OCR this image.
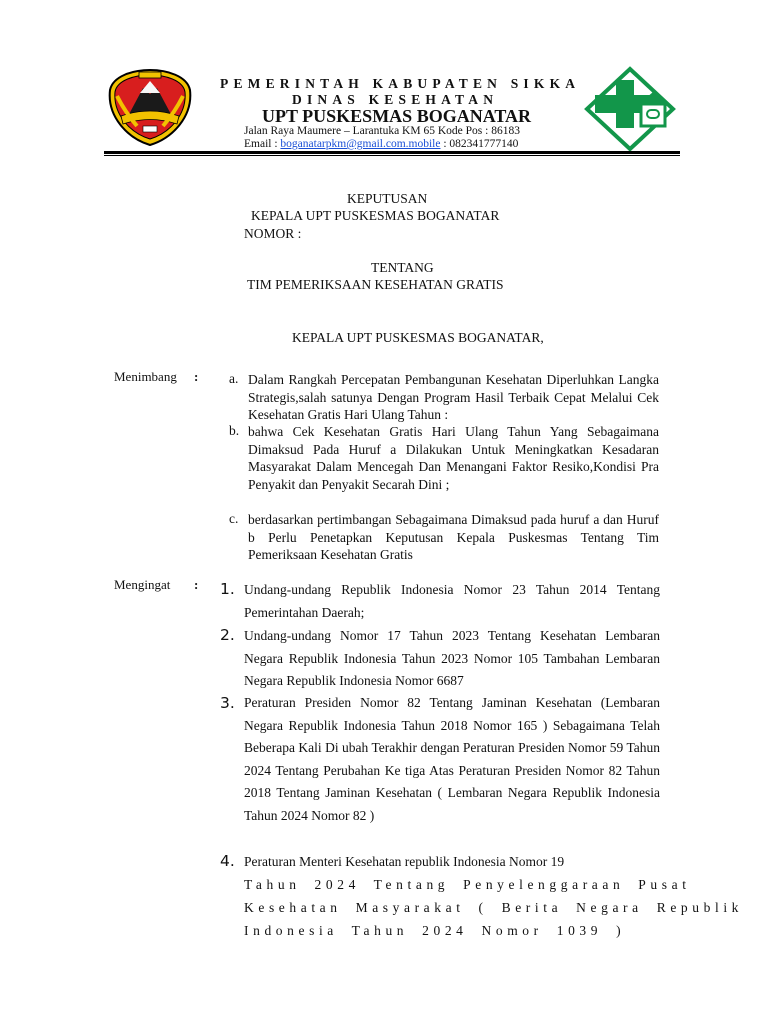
PEMERINTAH KABUPATEN SIKKA
DINAS KESEHATAN
UPT PUSKESMAS BOGANATAR
Jalan Raya Maumere – Larantuka KM 65 Kode Pos : 86183
Email : boganatarpkm@gmail.com.mobile : 082341777140
KEPUTUSAN
KEPALA UPT PUSKESMAS BOGANATAR
NOMOR :
TENTANG
TIM PEMERIKSAAN KESEHATAN GRATIS
KEPALA UPT PUSKESMAS BOGANATAR,
Menimbang : a. Dalam Rangkah Percepatan Pembangunan Kesehatan Diperluhkan Langka Strategis,salah satunya Dengan Program Hasil Terbaik Cepat Melalui Cek Kesehatan Gratis Hari Ulang Tahun :
b. bahwa Cek Kesehatan Gratis Hari Ulang Tahun Yang Sebagaimana Dimaksud Pada Huruf a Dilakukan Untuk Meningkatkan Kesadaran Masyarakat Dalam Mencegah Dan Menangani Faktor Resiko,Kondisi Pra Penyakit dan Penyakit Secarah Dini ;
c. berdasarkan pertimbangan Sebagaimana Dimaksud pada huruf a dan Huruf b Perlu Penetapkan Keputusan Kepala Puskesmas Tentang Tim Pemeriksaan Kesehatan Gratis
Mengingat : 1. Undang-undang Republik Indonesia Nomor 23 Tahun 2014 Tentang Pemerintahan Daerah;
2. Undang-undang Nomor 17 Tahun 2023 Tentang Kesehatan Lembaran Negara Republik Indonesia Tahun 2023 Nomor 105 Tambahan Lembaran Negara Republik Indonesia Nomor 6687
3. Peraturan Presiden Nomor 82 Tentang Jaminan Kesehatan (Lembaran Negara Republik Indonesia Tahun 2018 Nomor 165 ) Sebagaimana Telah Beberapa Kali Di ubah Terakhir dengan Peraturan Presiden Nomor 59 Tahun 2024 Tentang Perubahan Ke tiga Atas Peraturan Presiden Nomor 82 Tahun 2018 Tentang Jaminan Kesehatan ( Lembaran Negara Republik Indonesia Tahun 2024 Nomor 82 )
4. Peraturan Menteri Kesehatan republik Indonesia Nomor 19
Tahun 2024 Tentang Penyelenggaraan Pusat
Kesehatan Masyarakat ( Berita Negara Republik
Indonesia Tahun 2024 Nomor 1039 )
